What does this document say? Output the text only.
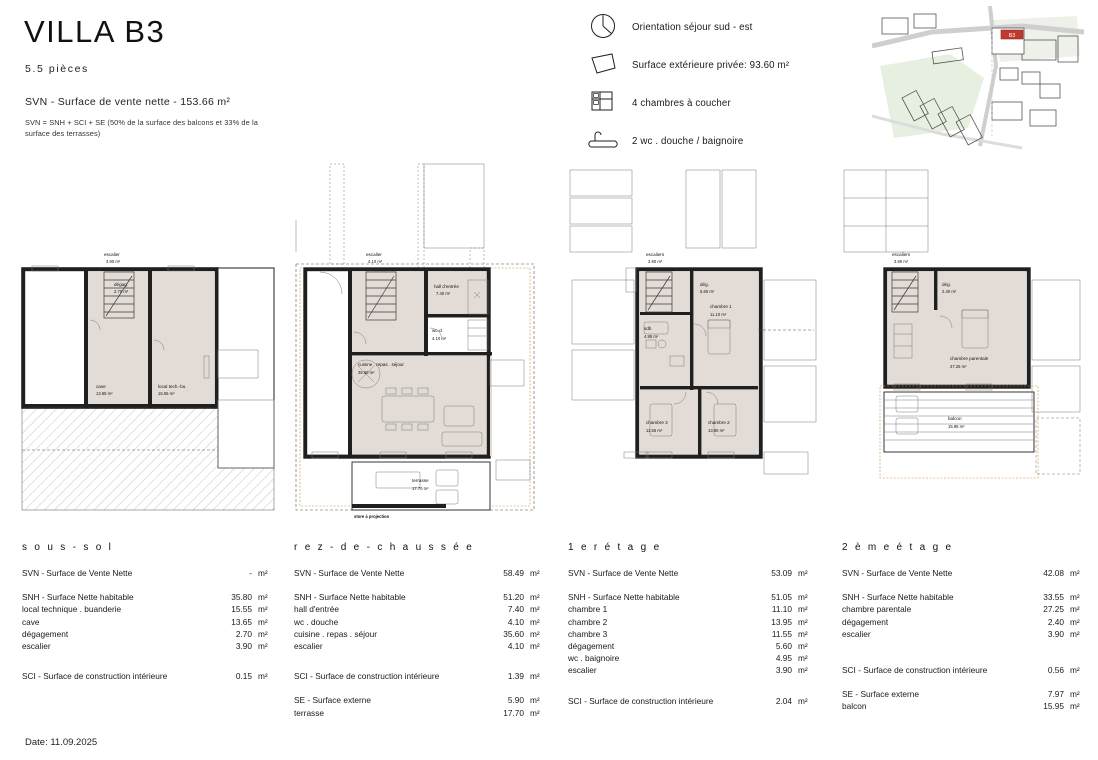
VILLA B3
5.5 pièces
SVN - Surface de vente nette - 153.66 m²
SVN = SNH + SCI + SE (50% de la surface des balcons et 33% de la surface des terrasses)
Date: 11.09.2025
Orientation séjour sud - est
Surface extérieure privée: 93.60 m²
4 chambres à coucher
2 wc . douche / baignoire
B3
escalier
3.90 m²
dégag.
2.70 m²
cave
13.65 m²
local tech.-bu.
15.55 m²
escalier
4.10 m²
hall d'entrée
7.40 m²
wc-d
4.10 m²
cuisine . repas . séjour
35.60 m²
terrasse
17.70 m²
store à projection
escaliers
3.90 m²
dég.
5.60 m²
sdb
4.95 m²
chambre 1
11.10 m²
chambre 3
11.55 m²
chambre 2
13.95 m²
escaliers
3.90 m²
dég.
2.40 m²
chambre parentale
27.25 m²
balcon
15.95 m²
s o u s - s o l	r e z - d e - c h a u s s é e	1 e r é t a g e	2 è m e é t a g e
SVN - Surface de Vente Nette	- m²
SNH - Surface Nette habitable	35.80 m²
local technique . buanderie	15.55 m²
cave	13.65 m²
dégagement	2.70 m²
escalier	3.90 m²
SCI - Surface de construction intérieure	0.15 m²
SVN - Surface de Vente Nette	58.49 m²
SNH - Surface Nette habitable	51.20 m²
hall d'entrée	7.40 m²
wc . douche	4.10 m²
cuisine . repas . séjour	35.60 m²
escalier	4.10 m²
SCI - Surface de construction intérieure	1.39 m²
SE - Surface externe	5.90 m²
terrasse	17.70 m²
SVN - Surface de Vente Nette	53.09 m²
SNH - Surface Nette habitable	51.05 m²
chambre 1	11.10 m²
chambre 2	13.95 m²
chambre 3	11.55 m²
dégagement	5.60 m²
wc . baignoire	4.95 m²
escalier	3.90 m²
SCI - Surface de construction intérieure	2.04 m²
SVN - Surface de Vente Nette	42.08 m²
SNH - Surface Nette habitable	33.55 m²
chambre parentale	27.25 m²
dégagement	2.40 m²
escalier	3.90 m²
SCI - Surface de construction intérieure	0.56 m²
SE - Surface externe	7.97 m²
balcon	15.95 m²
